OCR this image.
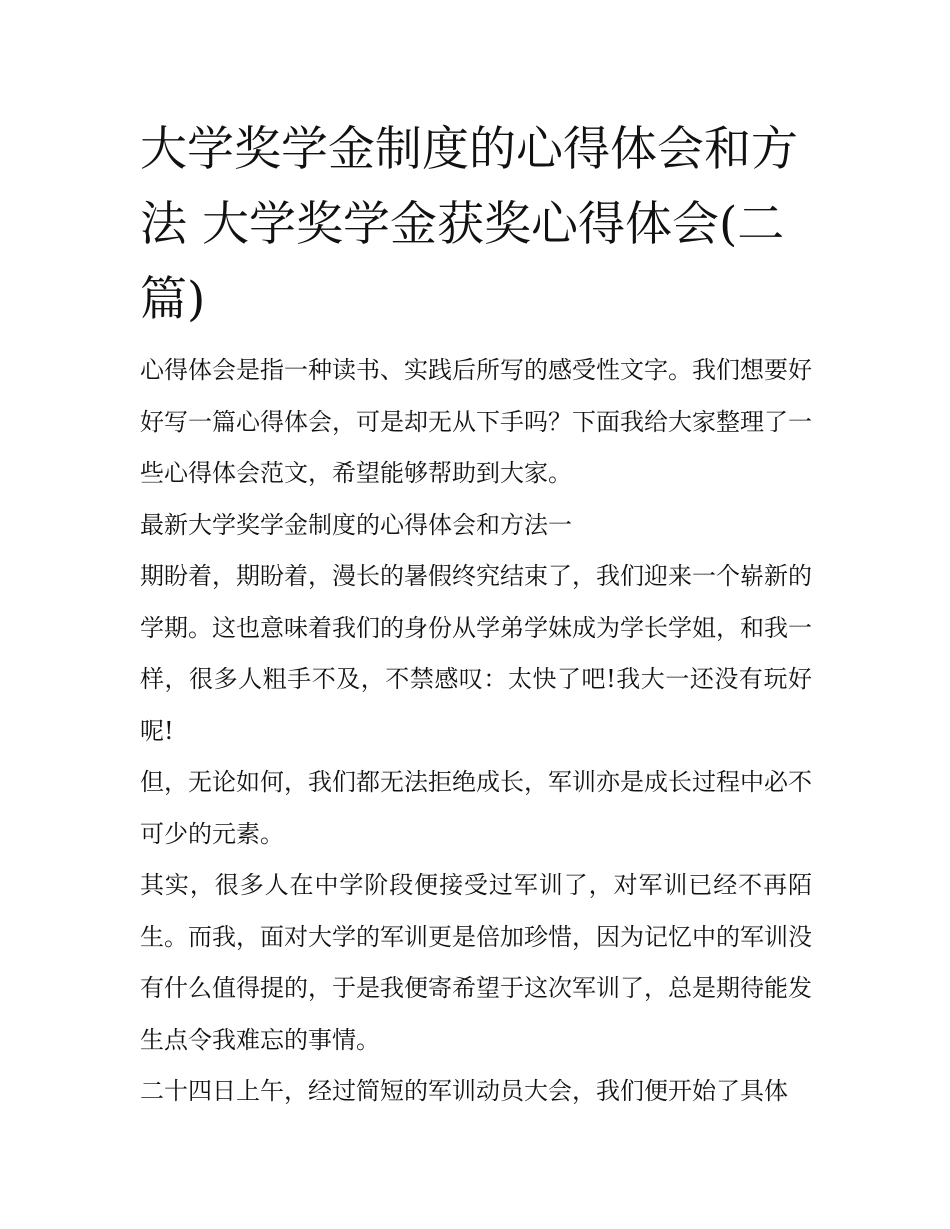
大学奖学金制度的心得体会和方法 大学奖学金获奖心得体会(二篇)

心得体会是指一种读书、实践后所写的感受性文字。我们想要好好写一篇心得体会，可是却无从下手吗？下面我给大家整理了一些心得体会范文，希望能够帮助到大家。

最新大学奖学金制度的心得体会和方法一

期盼着，期盼着，漫长的暑假终究结束了，我们迎来一个崭新的学期。这也意味着我们的身份从学弟学妹成为学长学姐，和我一样，很多人粗手不及，不禁感叹：太快了吧!我大一还没有玩好呢!

但，无论如何，我们都无法拒绝成长，军训亦是成长过程中必不可少的元素。

其实，很多人在中学阶段便接受过军训了，对军训已经不再陌生。而我，面对大学的军训更是倍加珍惜，因为记忆中的军训没有什么值得提的，于是我便寄希望于这次军训了，总是期待能发生点令我难忘的事情。

二十四日上午，经过简短的军训动员大会，我们便开始了具体
